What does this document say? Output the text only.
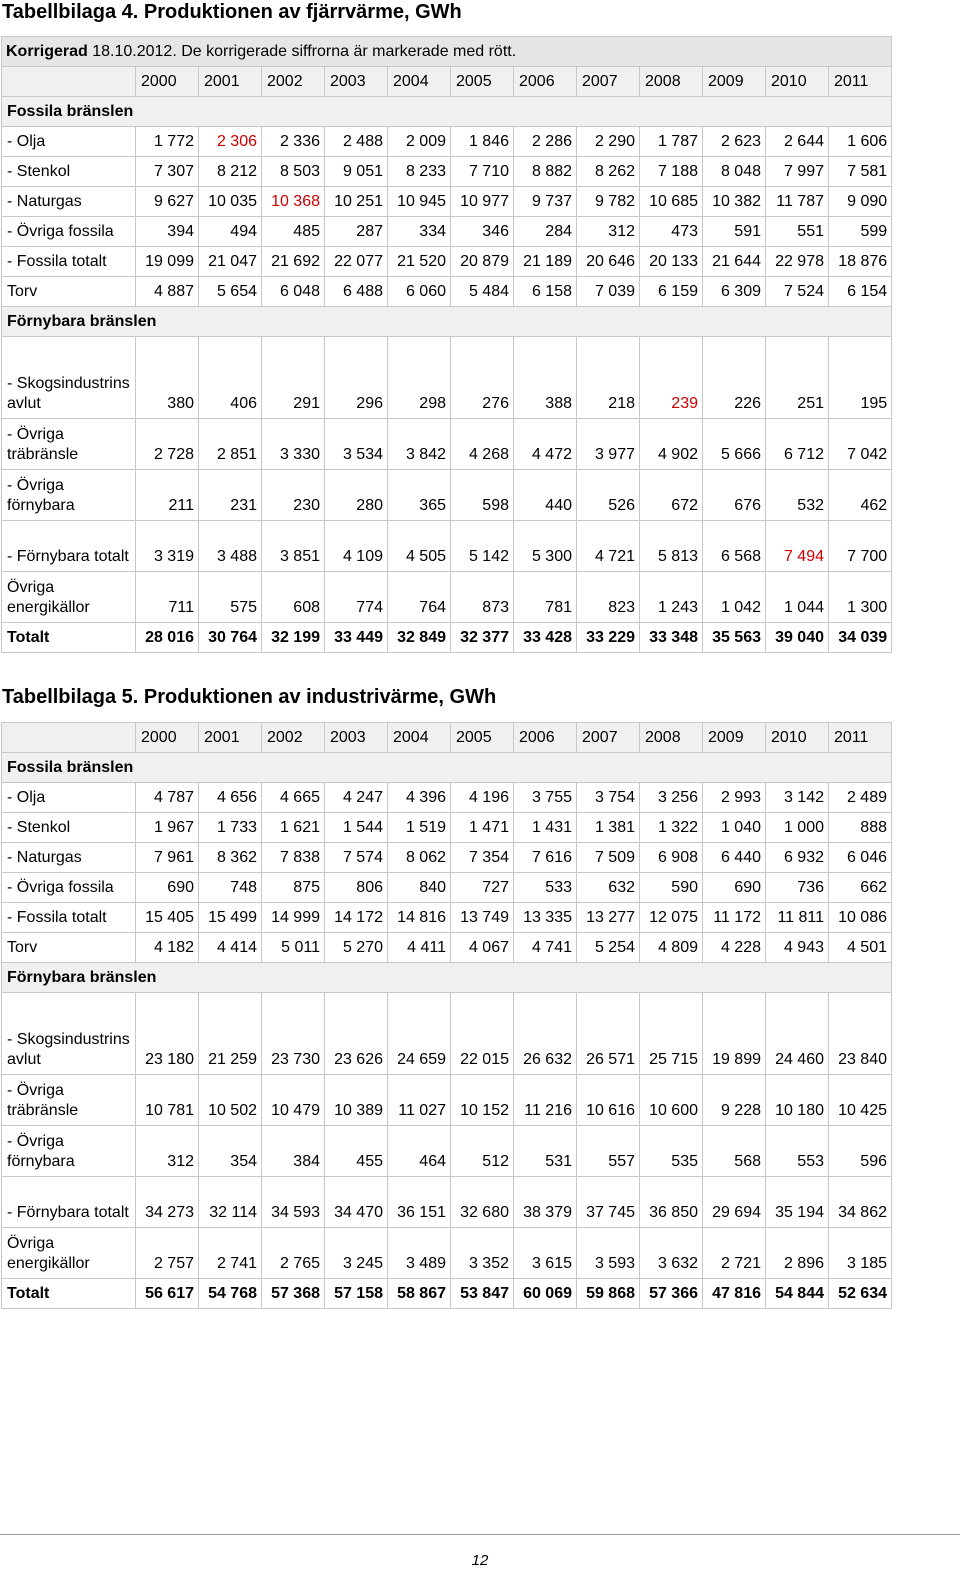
Tabellbilaga 4. Produktionen av fjärrvärme, GWh
Korrigerad 18.10.2012. De korrigerade siffrorna är markerade med rött.												
	2000	2001	2002	2003	2004	2005	2006	2007	2008	2009	2010	2011
Fossila bränslen												
- Olja	1 772	2 306	2 336	2 488	2 009	1 846	2 286	2 290	1 787	2 623	2 644	1 606
- Stenkol	7 307	8 212	8 503	9 051	8 233	7 710	8 882	8 262	7 188	8 048	7 997	7 581
- Naturgas	9 627	10 035	10 368	10 251	10 945	10 977	9 737	9 782	10 685	10 382	11 787	9 090
- Övriga fossila	394	494	485	287	334	346	284	312	473	591	551	599
- Fossila totalt	19 099	21 047	21 692	22 077	21 520	20 879	21 189	20 646	20 133	21 644	22 978	18 876
Torv	4 887	5 654	6 048	6 488	6 060	5 484	6 158	7 039	6 159	6 309	7 524	6 154
Förnybara bränslen												
- Skogsindustrins avlut	380	406	291	296	298	276	388	218	239	226	251	195
- Övriga träbränsle	2 728	2 851	3 330	3 534	3 842	4 268	4 472	3 977	4 902	5 666	6 712	7 042
- Övriga förnybara	211	231	230	280	365	598	440	526	672	676	532	462
- Förnybara totalt	3 319	3 488	3 851	4 109	4 505	5 142	5 300	4 721	5 813	6 568	7 494	7 700
Övriga energikällor	711	575	608	774	764	873	781	823	1 243	1 042	1 044	1 300
Totalt	28 016	30 764	32 199	33 449	32 849	32 377	33 428	33 229	33 348	35 563	39 040	34 039
Tabellbilaga 5. Produktionen av industrivärme, GWh
	2000	2001	2002	2003	2004	2005	2006	2007	2008	2009	2010	2011
Fossila bränslen												
- Olja	4 787	4 656	4 665	4 247	4 396	4 196	3 755	3 754	3 256	2 993	3 142	2 489
- Stenkol	1 967	1 733	1 621	1 544	1 519	1 471	1 431	1 381	1 322	1 040	1 000	888
- Naturgas	7 961	8 362	7 838	7 574	8 062	7 354	7 616	7 509	6 908	6 440	6 932	6 046
- Övriga fossila	690	748	875	806	840	727	533	632	590	690	736	662
- Fossila totalt	15 405	15 499	14 999	14 172	14 816	13 749	13 335	13 277	12 075	11 172	11 811	10 086
Torv	4 182	4 414	5 011	5 270	4 411	4 067	4 741	5 254	4 809	4 228	4 943	4 501
Förnybara bränslen												
- Skogsindustrins avlut	23 180	21 259	23 730	23 626	24 659	22 015	26 632	26 571	25 715	19 899	24 460	23 840
- Övriga träbränsle	10 781	10 502	10 479	10 389	11 027	10 152	11 216	10 616	10 600	9 228	10 180	10 425
- Övriga förnybara	312	354	384	455	464	512	531	557	535	568	553	596
- Förnybara totalt	34 273	32 114	34 593	34 470	36 151	32 680	38 379	37 745	36 850	29 694	35 194	34 862
Övriga energikällor	2 757	2 741	2 765	3 245	3 489	3 352	3 615	3 593	3 632	2 721	2 896	3 185
Totalt	56 617	54 768	57 368	57 158	58 867	53 847	60 069	59 868	57 366	47 816	54 844	52 634
12
